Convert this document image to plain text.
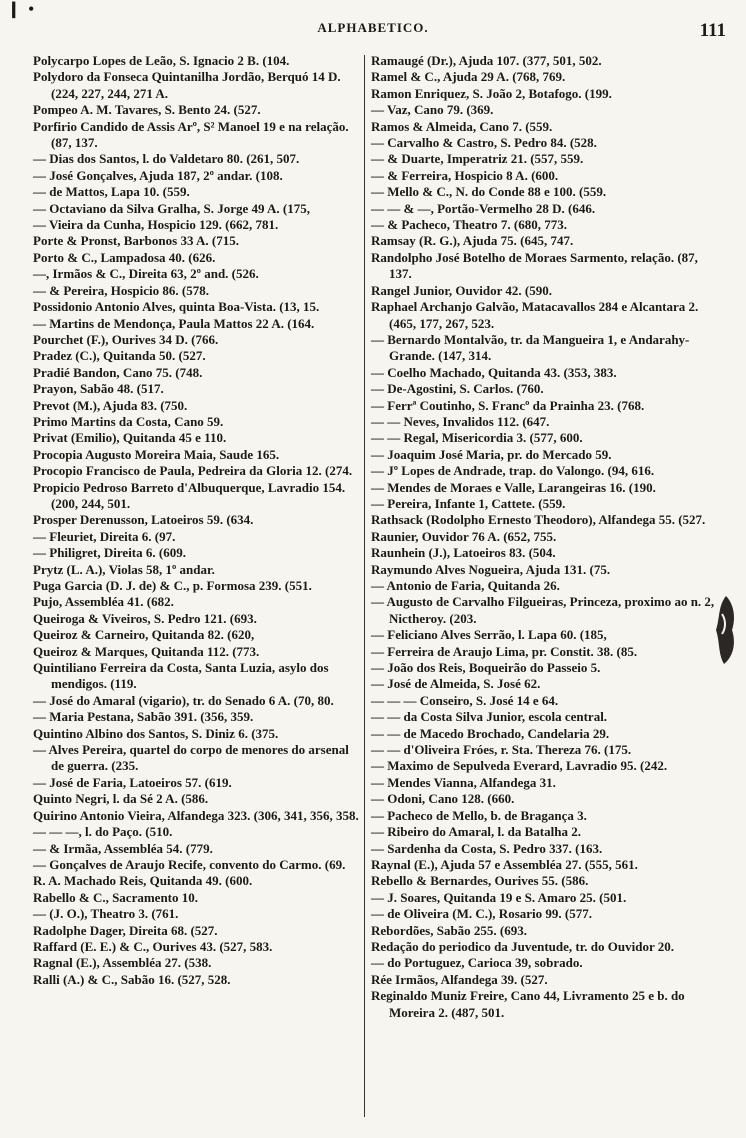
❙ •
ALPHABETICO.	111

Polycarpo Lopes de Leão, S. Ignacio 2 B. (104.

Polydoro da Fonseca Quintanilha Jordão, Berquó 14 D. (224, 227, 244, 271 A.

Pompeo A. M. Tavares, S. Bento 24. (527.

Porfirio Candido de Assis Arº, S² Manoel 19 e na relação. (87, 137.

— Dias dos Santos, l. do Valdetaro 80. (261, 507.

— José Gonçalves, Ajuda 187, 2º andar. (108.

— de Mattos, Lapa 10. (559.

— Octaviano da Silva Gralha, S. Jorge 49 A. (175,

— Vieira da Cunha, Hospicio 129. (662, 781.

Porte & Pronst, Barbonos 33 A. (715.

Porto & C., Lampadosa 40. (626.

—, Irmãos & C., Direita 63, 2º and. (526.

— & Pereira, Hospicio 86. (578.

Possidonio Antonio Alves, quinta Boa-Vista. (13, 15.

— Martins de Mendonça, Paula Mattos 22 A. (164.

Pourchet (F.), Ourives 34 D. (766.

Pradez (C.), Quitanda 50. (527.

Pradié Bandon, Cano 75. (748.

Prayon, Sabão 48. (517.

Prevot (M.), Ajuda 83. (750.

Primo Martins da Costa, Cano 59.

Privat (Emilio), Quitanda 45 e 110.

Procopia Augusto Moreira Maia, Saude 165.

Procopio Francisco de Paula, Pedreira da Gloria 12. (274.

Propicio Pedroso Barreto d'Albuquerque, Lavradio 154. (200, 244, 501.

Prosper Derenusson, Latoeiros 59. (634.

— Fleuriet, Direita 6. (97.

— Philigret, Direita 6. (609.

Prytz (L. A.), Violas 58, 1º andar.

Puga Garcia (D. J. de) & C., p. Formosa 239. (551.

Pujo, Assembléa 41. (682.

Queiroga & Viveiros, S. Pedro 121. (693.

Queiroz & Carneiro, Quitanda 82. (620,

Queiroz & Marques, Quitanda 112. (773.

Quintiliano Ferreira da Costa, Santa Luzia, asylo dos mendigos. (119.

— José do Amaral (vigario), tr. do Senado 6 A. (70, 80.

— Maria Pestana, Sabão 391. (356, 359.

Quintino Albino dos Santos, S. Diniz 6. (375.

— Alves Pereira, quartel do corpo de menores do arsenal de guerra. (235.

— José de Faria, Latoeiros 57. (619.

Quinto Negri, l. da Sé 2 A. (586.

Quirino Antonio Vieira, Alfandega 323. (306, 341, 356, 358.

— — —, l. do Paço. (510.

— & Irmãa, Assembléa 54. (779.

— Gonçalves de Araujo Recife, convento do Carmo. (69.

R. A. Machado Reis, Quitanda 49. (600.

Rabello & C., Sacramento 10.

— (J. O.), Theatro 3. (761.

Radolphe Dager, Direita 68. (527.

Raffard (E. E.) & C., Ourives 43. (527, 583.

Ragnal (E.), Assembléa 27. (538.

Ralli (A.) & C., Sabão 16. (527, 528.

Ramaugé (Dr.), Ajuda 107. (377, 501, 502.

Ramel & C., Ajuda 29 A. (768, 769.

Ramon Enriquez, S. João 2, Botafogo. (199.

— Vaz, Cano 79. (369.

Ramos & Almeida, Cano 7. (559.

— Carvalho & Castro, S. Pedro 84. (528.

— & Duarte, Imperatriz 21. (557, 559.

— & Ferreira, Hospicio 8 A. (600.

— Mello & C., N. do Conde 88 e 100. (559.

— — & —, Portão-Vermelho 28 D. (646.

— & Pacheco, Theatro 7. (680, 773.

Ramsay (R. G.), Ajuda 75. (645, 747.

Randolpho José Botelho de Moraes Sarmento, relação. (87, 137.

Rangel Junior, Ouvidor 42. (590.

Raphael Archanjo Galvão, Matacavallos 284 e Alcantara 2. (465, 177, 267, 523.

— Bernardo Montalvão, tr. da Mangueira 1, e Andarahy-Grande. (147, 314.

— Coelho Machado, Quitanda 43. (353, 383.

— De-Agostini, S. Carlos. (760.

— Ferrª Coutinho, S. Francº da Prainha 23. (768.

— — Neves, Invalidos 112. (647.

— — Regal, Misericordia 3. (577, 600.

— Joaquim José Maria, pr. do Mercado 59.

— Jº Lopes de Andrade, trap. do Valongo. (94, 616.

— Mendes de Moraes e Valle, Larangeiras 16. (190.

— Pereira, Infante 1, Cattete. (559.

Rathsack (Rodolpho Ernesto Theodoro), Alfandega 55. (527.

Raunier, Ouvidor 76 A. (652, 755.

Raunhein (J.), Latoeiros 83. (504.

Raymundo Alves Nogueira, Ajuda 131. (75.

— Antonio de Faria, Quitanda 26.

— Augusto de Carvalho Filgueiras, Princeza, proximo ao n. 2, Nictheroy. (203.

— Feliciano Alves Serrão, l. Lapa 60. (185,

— Ferreira de Araujo Lima, pr. Constit. 38. (85.

— João dos Reis, Boqueirão do Passeio 5.

— José de Almeida, S. José 62.

— — — Conseiro, S. José 14 e 64.

— — da Costa Silva Junior, escola central.

— — de Macedo Brochado, Candelaria 29.

— — d'Oliveira Fróes, r. Sta. Thereza 76. (175.

— Maximo de Sepulveda Everard, Lavradio 95. (242.

— Mendes Vianna, Alfandega 31.

— Odoni, Cano 128. (660.

— Pacheco de Mello, b. de Bragança 3.

— Ribeiro do Amaral, l. da Batalha 2.

— Sardenha da Costa, S. Pedro 337. (163.

Raynal (E.), Ajuda 57 e Assembléa 27. (555, 561.

Rebello & Bernardes, Ourives 55. (586.

— J. Soares, Quitanda 19 e S. Amaro 25. (501.

— de Oliveira (M. C.), Rosario 99. (577.

Rebordões, Sabão 255. (693.

Redação do periodico da Juventude, tr. do Ouvidor 20.

— do Portuguez, Carioca 39, sobrado.

Rée Irmãos, Alfandega 39. (527.

Reginaldo Muniz Freire, Cano 44, Livramento 25 e b. do Moreira 2. (487, 501.
